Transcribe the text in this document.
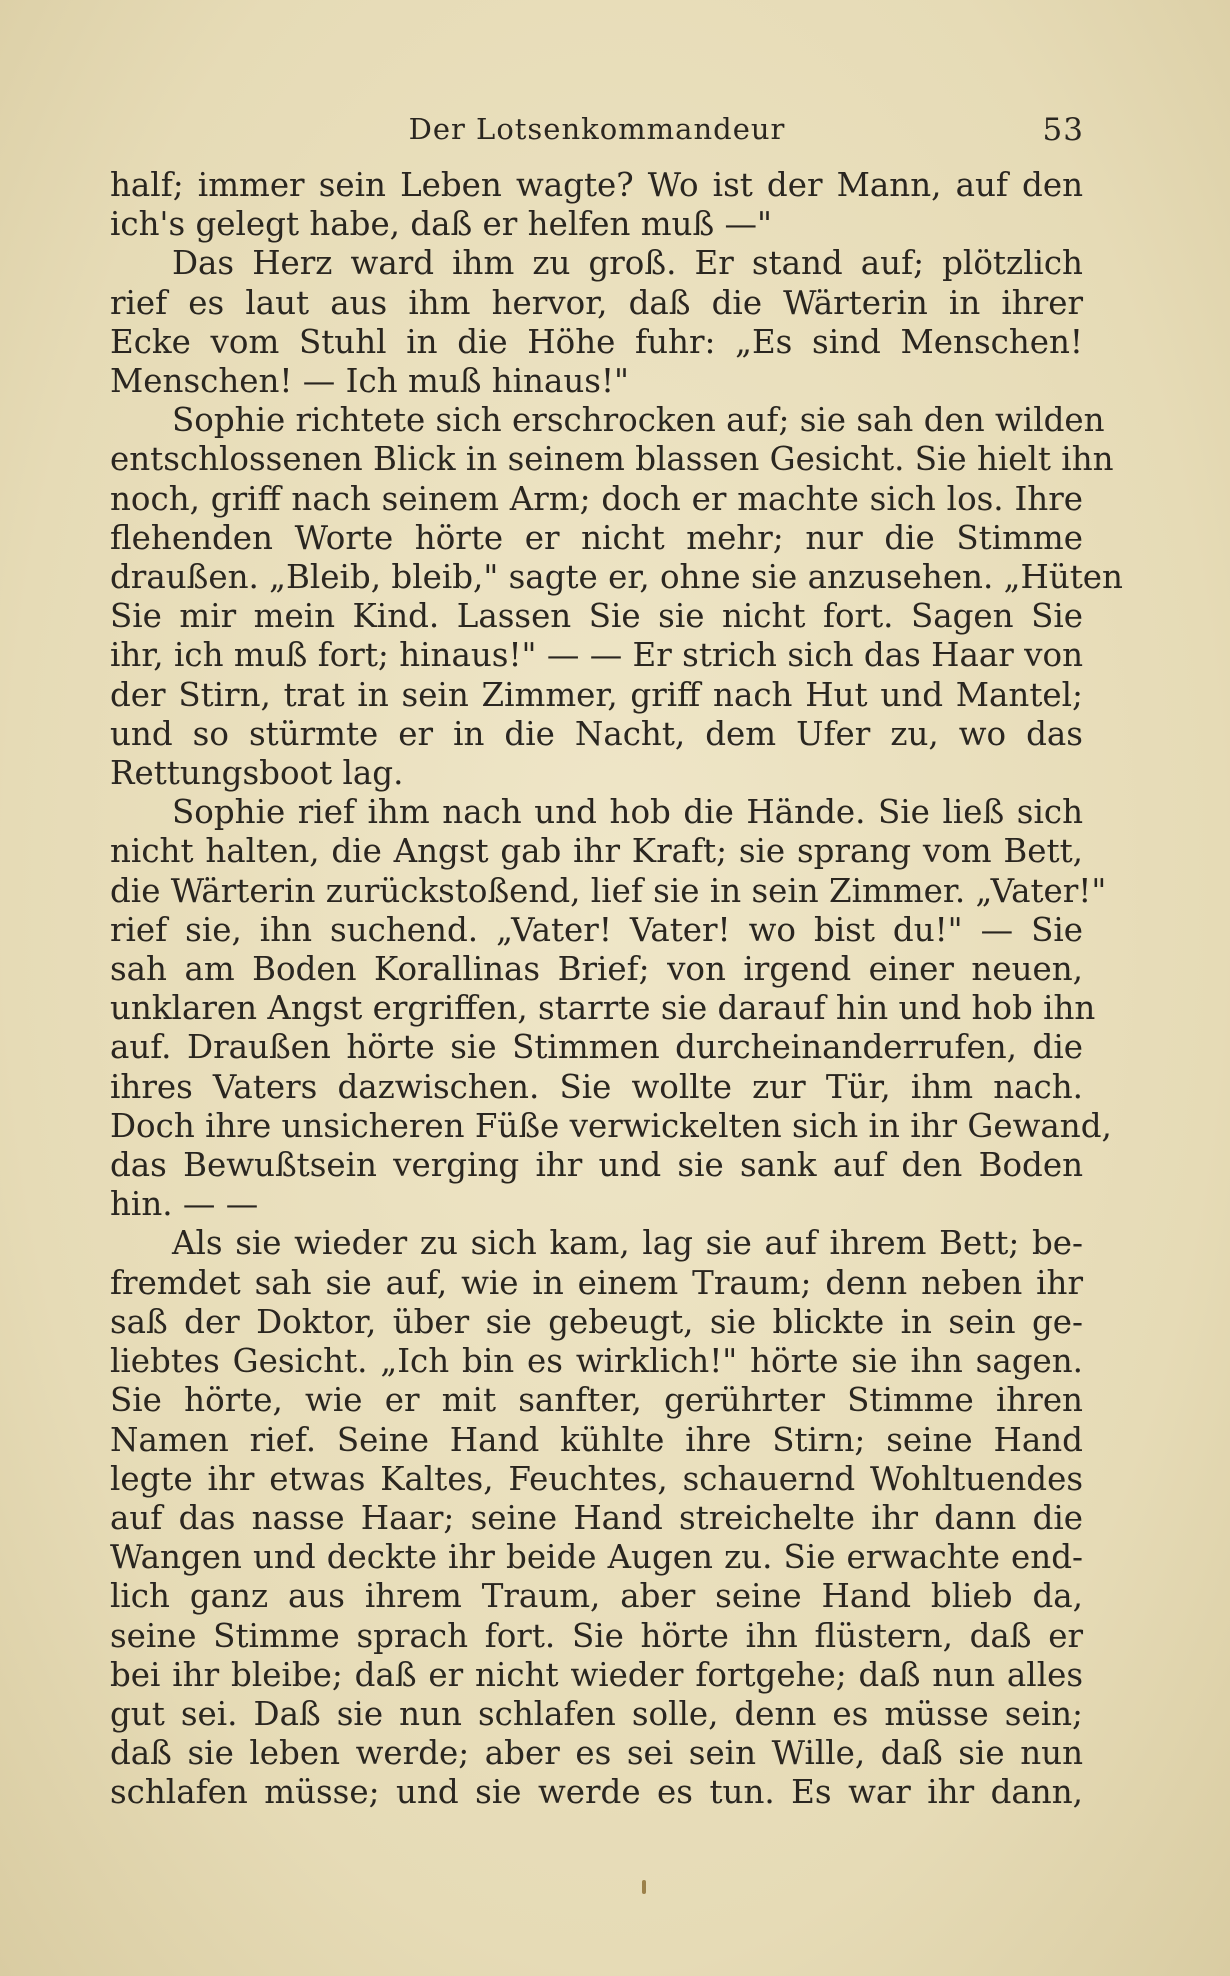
Der Lotsenkommandeur	53
half; immer sein Leben wagte? Wo ist der Mann, auf den
ich's gelegt habe, daß er helfen muß —"
Das Herz ward ihm zu groß. Er stand auf; plötzlich
rief es laut aus ihm hervor, daß die Wärterin in ihrer
Ecke vom Stuhl in die Höhe fuhr: „Es sind Menschen!
Menschen! — Ich muß hinaus!"
Sophie richtete sich erschrocken auf; sie sah den wilden
entschlossenen Blick in seinem blassen Gesicht. Sie hielt ihn
noch, griff nach seinem Arm; doch er machte sich los. Ihre
flehenden Worte hörte er nicht mehr; nur die Stimme
draußen. „Bleib, bleib," sagte er, ohne sie anzusehen. „Hüten
Sie mir mein Kind. Lassen Sie sie nicht fort. Sagen Sie
ihr, ich muß fort; hinaus!" — — Er strich sich das Haar von
der Stirn, trat in sein Zimmer, griff nach Hut und Mantel;
und so stürmte er in die Nacht, dem Ufer zu, wo das
Rettungsboot lag.
Sophie rief ihm nach und hob die Hände. Sie ließ sich
nicht halten, die Angst gab ihr Kraft; sie sprang vom Bett,
die Wärterin zurückstoßend, lief sie in sein Zimmer. „Vater!"
rief sie, ihn suchend. „Vater! Vater! wo bist du!" — Sie
sah am Boden Korallinas Brief; von irgend einer neuen,
unklaren Angst ergriffen, starrte sie darauf hin und hob ihn
auf. Draußen hörte sie Stimmen durcheinanderrufen, die
ihres Vaters dazwischen. Sie wollte zur Tür, ihm nach.
Doch ihre unsicheren Füße verwickelten sich in ihr Gewand,
das Bewußtsein verging ihr und sie sank auf den Boden
hin. — —
Als sie wieder zu sich kam, lag sie auf ihrem Bett; be-
fremdet sah sie auf, wie in einem Traum; denn neben ihr
saß der Doktor, über sie gebeugt, sie blickte in sein ge-
liebtes Gesicht. „Ich bin es wirklich!" hörte sie ihn sagen.
Sie hörte, wie er mit sanfter, gerührter Stimme ihren
Namen rief. Seine Hand kühlte ihre Stirn; seine Hand
legte ihr etwas Kaltes, Feuchtes, schauernd Wohltuendes
auf das nasse Haar; seine Hand streichelte ihr dann die
Wangen und deckte ihr beide Augen zu. Sie erwachte end-
lich ganz aus ihrem Traum, aber seine Hand blieb da,
seine Stimme sprach fort. Sie hörte ihn flüstern, daß er
bei ihr bleibe; daß er nicht wieder fortgehe; daß nun alles
gut sei. Daß sie nun schlafen solle, denn es müsse sein;
daß sie leben werde; aber es sei sein Wille, daß sie nun
schlafen müsse; und sie werde es tun. Es war ihr dann,
